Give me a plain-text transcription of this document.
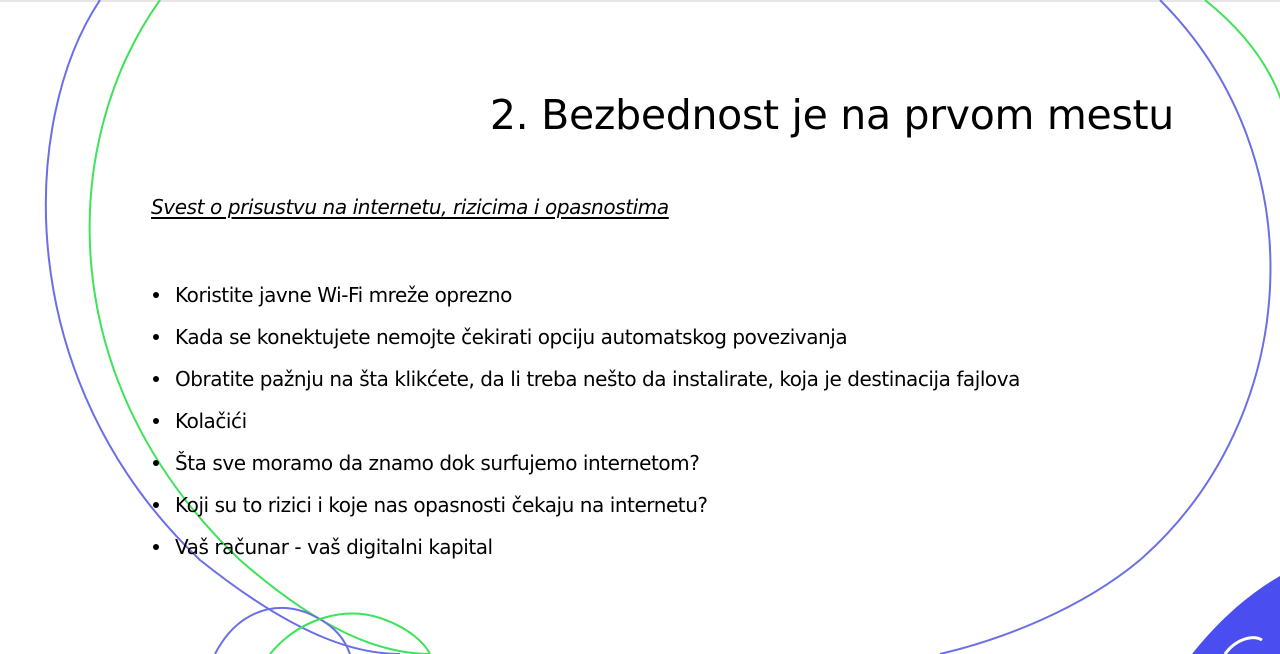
2. Bezbednost je na prvom mestu

Svest o prisustvu na internetu, rizicima i opasnostima

Koristite javne Wi-Fi mreže oprezno
Kada se konektujete nemojte čekirati opciju automatskog povezivanja
Obratite pažnju na šta klikćete, da li treba nešto da instalirate, koja je destinacija fajlova
Kolačići
Šta sve moramo da znamo dok surfujemo internetom?
Koji su to rizici i koje nas opasnosti čekaju na internetu?
Vaš računar - vaš digitalni kapital
